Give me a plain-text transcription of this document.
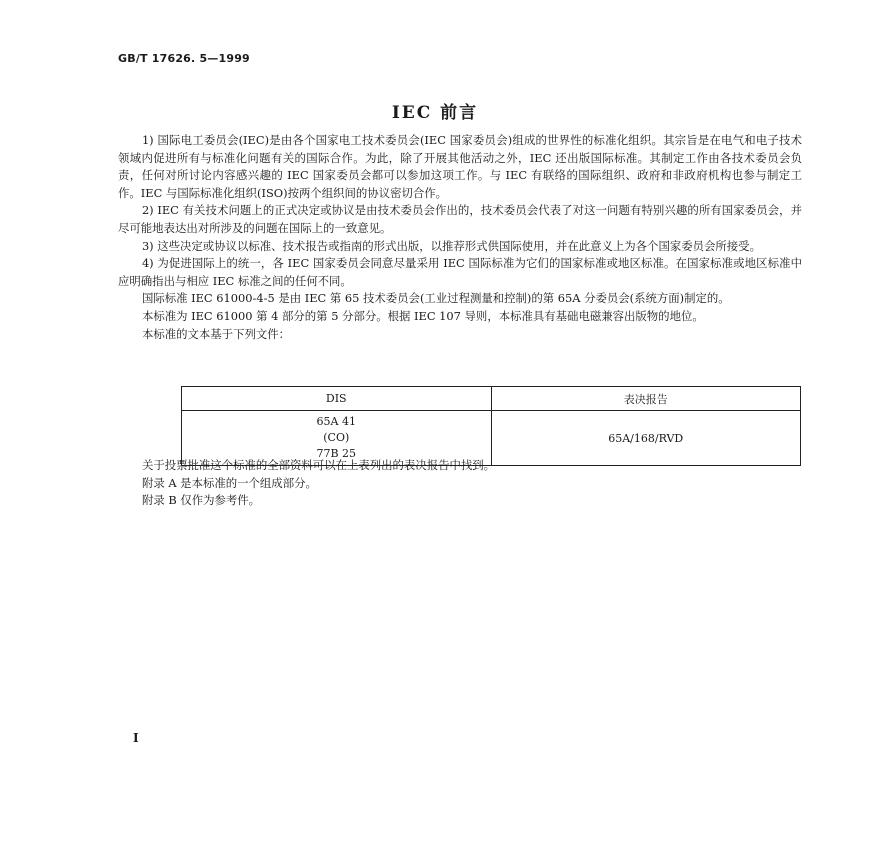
GB/T 17626. 5—1999
IEC 前言

1) 国际电工委员会(IEC)是由各个国家电工技术委员会(IEC 国家委员会)组成的世界性的标准化组织。其宗旨是在电气和电子技术领域内促进所有与标准化问题有关的国际合作。为此，除了开展其他活动之外，IEC 还出版国际标准。其制定工作由各技术委员会负责，任何对所讨论内容感兴趣的 IEC 国家委员会都可以参加这项工作。与 IEC 有联络的国际组织、政府和非政府机构也参与制定工作。IEC 与国际标准化组织(ISO)按两个组织间的协议密切合作。

2) IEC 有关技术问题上的正式决定或协议是由技术委员会作出的，技术委员会代表了对这一问题有特别兴趣的所有国家委员会，并尽可能地表达出对所涉及的问题在国际上的一致意见。

3) 这些决定或协议以标准、技术报告或指南的形式出版，以推荐形式供国际使用，并在此意义上为各个国家委员会所接受。

4) 为促进国际上的统一，各 IEC 国家委员会同意尽量采用 IEC 国际标准为它们的国家标准或地区标准。在国家标准或地区标准中应明确指出与相应 IEC 标准之间的任何不同。

国际标准 IEC 61000-4-5 是由 IEC 第 65 技术委员会(工业过程测量和控制)的第 65A 分委员会(系统方面)制定的。

本标准为 IEC 61000 第 4 部分的第 5 分部分。根据 IEC 107 导则，本标准具有基础电磁兼容出版物的地位。

本标准的文本基于下列文件：

DIS	表决报告

65A 41
(CO)
77B 25	65A/168/RVD

关于投票批准这个标准的全部资料可以在上表列出的表决报告中找到。

附录 A 是本标准的一个组成部分。

附录 B 仅作为参考件。

I
